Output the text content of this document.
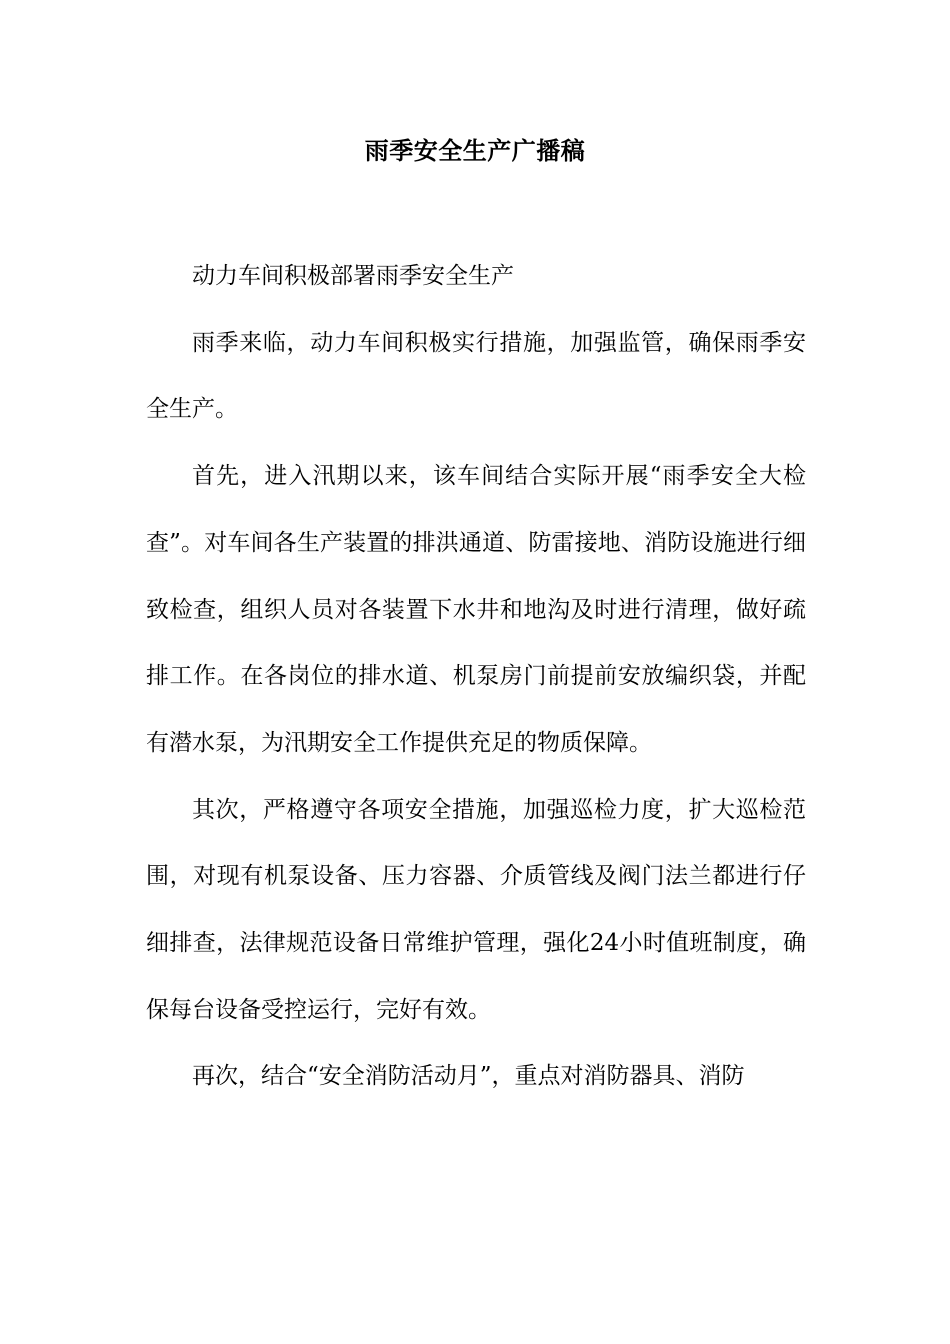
雨季安全生产广播稿

动力车间积极部署雨季安全生产

雨季来临，动力车间积极实行措施，加强监管，确保雨季安全生产。

首先，进入汛期以来，该车间结合实际开展“雨季安全大检查”。对车间各生产装置的排洪通道、防雷接地、消防设施进行细致检查，组织人员对各装置下水井和地沟及时进行清理，做好疏排工作。在各岗位的排水道、机泵房门前提前安放编织袋，并配有潜水泵，为汛期安全工作提供充足的物质保障。

其次，严格遵守各项安全措施，加强巡检力度，扩大巡检范围，对现有机泵设备、压力容器、介质管线及阀门法兰都进行仔细排查，法律规范设备日常维护管理，强化24小时值班制度，确保每台设备受控运行，完好有效。

再次，结合“安全消防活动月”，重点对消防器具、消防
